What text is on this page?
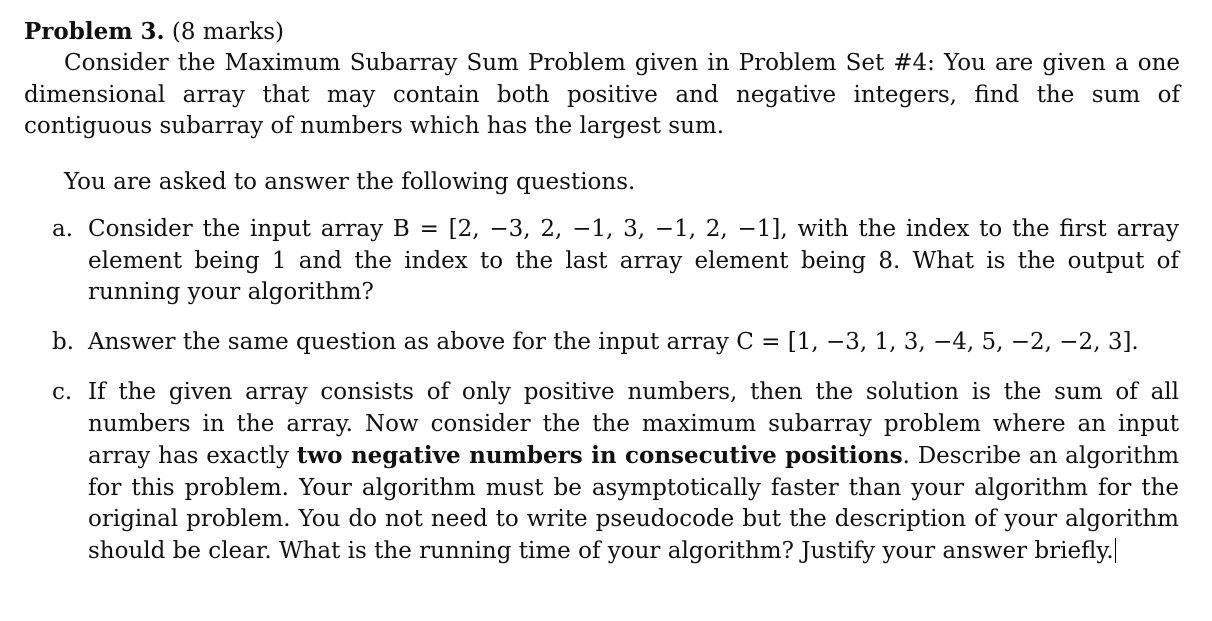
Problem 3. (8 marks)
Consider the Maximum Subarray Sum Problem given in Problem Set #4: You are given a one dimensional array that may contain both positive and negative integers, find the sum of contiguous subarray of numbers which has the largest sum.
You are asked to answer the following questions.
a. Consider the input array B = [2, −3, 2, −1, 3, −1, 2, −1], with the index to the first array element being 1 and the index to the last array element being 8. What is the output of running your algorithm?
b. Answer the same question as above for the input array C = [1, −3, 1, 3, −4, 5, −2, −2, 3].
c. If the given array consists of only positive numbers, then the solution is the sum of all numbers in the array. Now consider the the maximum subarray problem where an input array has exactly two negative numbers in consecutive positions. Describe an algorithm for this problem. Your algorithm must be asymptotically faster than your algorithm for the original problem. You do not need to write pseudocode but the description of your algorithm should be clear. What is the running time of your algorithm? Justify your answer briefly.
